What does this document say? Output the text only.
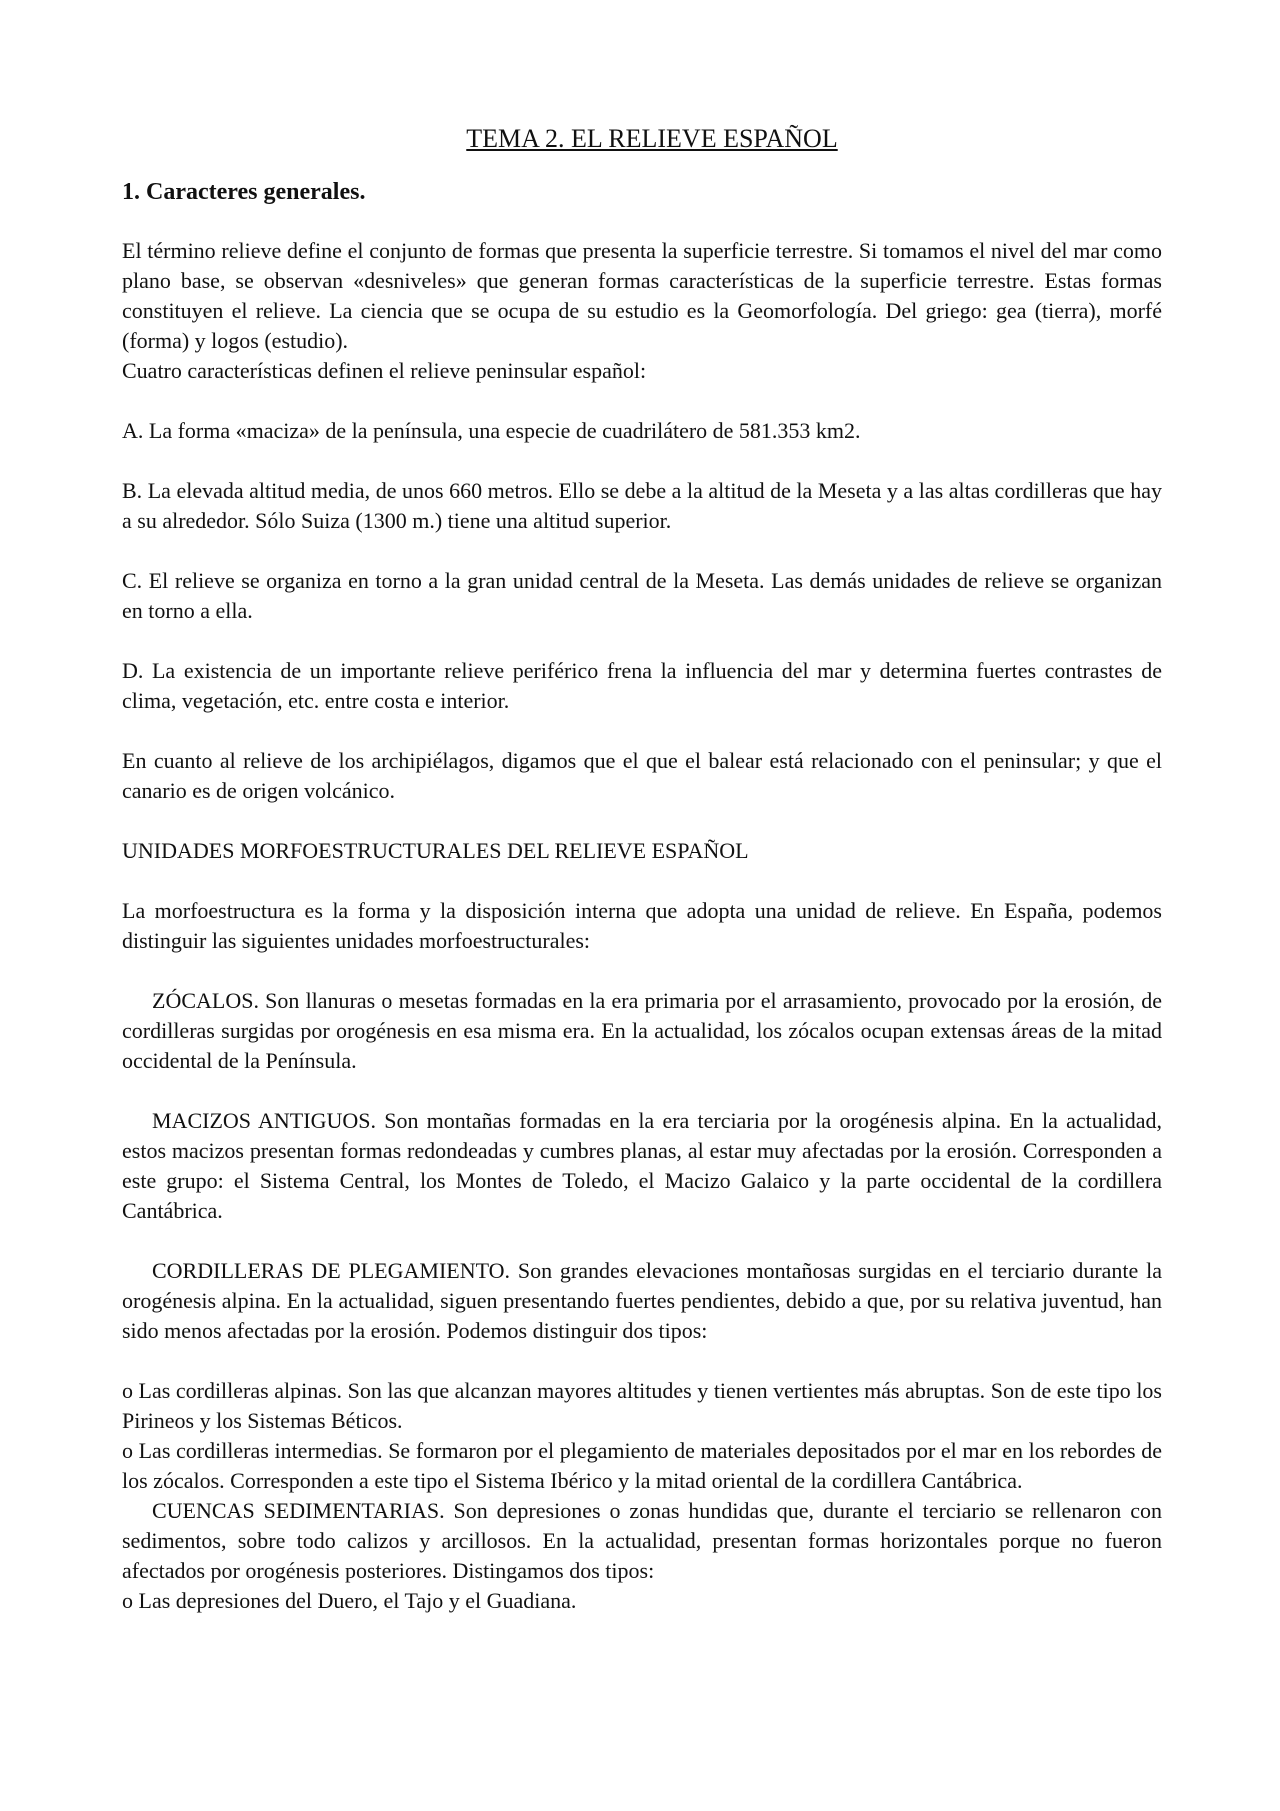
TEMA 2. EL RELIEVE ESPAÑOL
1. Caracteres generales.

El término relieve define el conjunto de formas que presenta la superficie terrestre. Si tomamos el nivel del mar como plano base, se observan «desniveles» que generan formas características de la superficie terrestre. Estas formas constituyen el relieve. La ciencia que se ocupa de su estudio es la Geomorfología. Del griego: gea (tierra), morfé (forma) y logos (estudio).

Cuatro características definen el relieve peninsular español:

A. La forma «maciza» de la península, una especie de cuadrilátero de 581.353 km2.

B. La elevada altitud media, de unos 660 metros. Ello se debe a la altitud de la Meseta y a las altas cordilleras que hay a su alrededor. Sólo Suiza (1300 m.) tiene una altitud superior.

C. El relieve se organiza en torno a la gran unidad central de la Meseta. Las demás unidades de relieve se organizan en torno a ella.

D. La existencia de un importante relieve periférico frena la influencia del mar y determina fuertes contrastes de clima, vegetación, etc. entre costa e interior.

En cuanto al relieve de los archipiélagos, digamos que el que el balear está relacionado con el peninsular; y que el canario es de origen volcánico.

UNIDADES MORFOESTRUCTURALES DEL RELIEVE ESPAÑOL

La morfoestructura es la forma y la disposición interna que adopta una unidad de relieve. En España, podemos distinguir las siguientes unidades morfoestructurales:

ZÓCALOS. Son llanuras o mesetas formadas en la era primaria por el arrasamiento, provocado por la erosión, de cordilleras surgidas por orogénesis en esa misma era. En la actualidad, los zócalos ocupan extensas áreas de la mitad occidental de la Península.

MACIZOS ANTIGUOS. Son montañas formadas en la era terciaria por la orogénesis alpina. En la actualidad, estos macizos presentan formas redondeadas y cumbres planas, al estar muy afectadas por la erosión. Corresponden a este grupo: el Sistema Central, los Montes de Toledo, el Macizo Galaico y la parte occidental de la cordillera Cantábrica.

CORDILLERAS DE PLEGAMIENTO. Son grandes elevaciones montañosas surgidas en el terciario durante la orogénesis alpina. En la actualidad, siguen presentando fuertes pendientes, debido a que, por su relativa juventud, han sido menos afectadas por la erosión. Podemos distinguir dos tipos:

o Las cordilleras alpinas. Son las que alcanzan mayores altitudes y tienen vertientes más abruptas. Son de este tipo los Pirineos y los Sistemas Béticos.

o Las cordilleras intermedias. Se formaron por el plegamiento de materiales depositados por el mar en los rebordes de los zócalos. Corresponden a este tipo el Sistema Ibérico y la mitad oriental de la cordillera Cantábrica.

CUENCAS SEDIMENTARIAS. Son depresiones o zonas hundidas que, durante el terciario se rellenaron con sedimentos, sobre todo calizos y arcillosos. En la actualidad, presentan formas horizontales porque no fueron afectados por orogénesis posteriores. Distingamos dos tipos:

o Las depresiones del Duero, el Tajo y el Guadiana.
